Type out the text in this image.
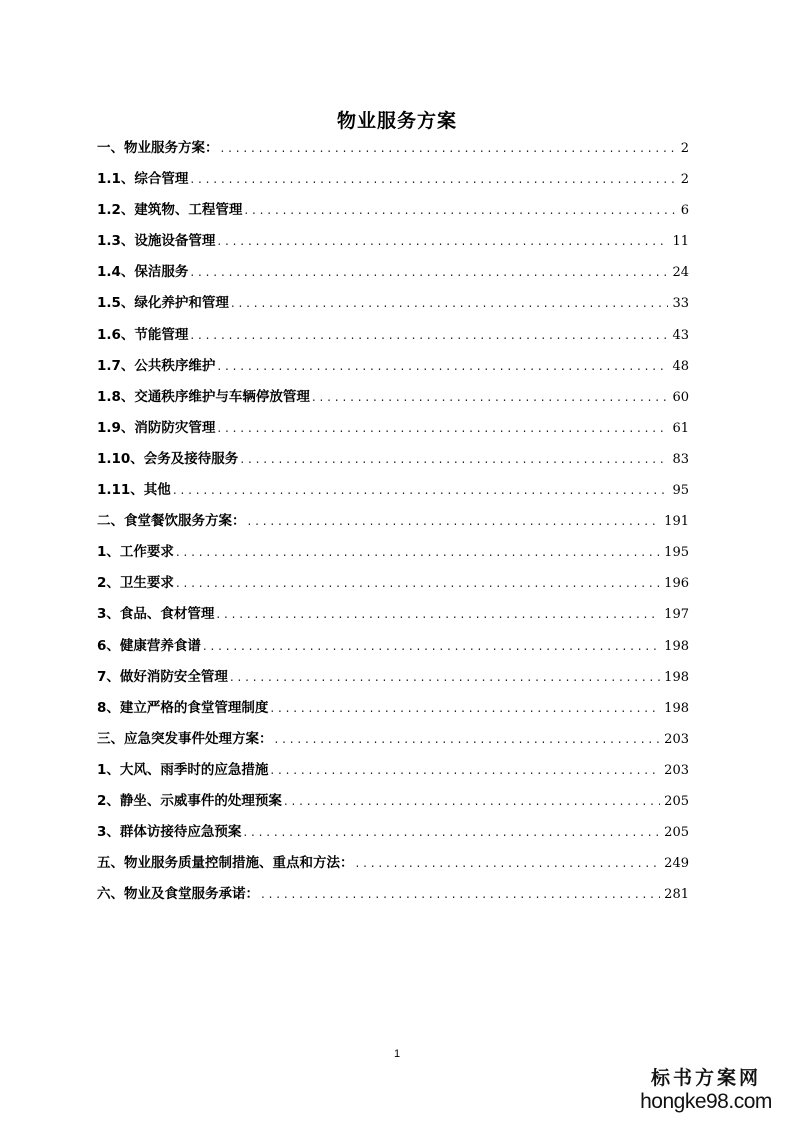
物业服务方案
一、物业服务方案： . . .	2
1.1、综合管理 . . .	2
1.2、建筑物、工程管理 . . .	6
1.3、设施设备管理 . . .	11
1.4、保洁服务 . . .	24
1.5、绿化养护和管理 . . .	33
1.6、节能管理 . . .	43
1.7、公共秩序维护 . . .	48
1.8、交通秩序维护与车辆停放管理 . . .	60
1.9、消防防灾管理 . . .	61
1.10、会务及接待服务 . . .	83
1.11、其他 . . .	95
二、食堂餐饮服务方案： . . .	191
1、工作要求 . . .	195
2、卫生要求 . . .	196
3、食品、食材管理 . . .	197
6、健康营养食谱 . . .	198
7、做好消防安全管理 . . .	198
8、建立严格的食堂管理制度 . . .	198
三、应急突发事件处理方案： . . .	203
1、大风、雨季时的应急措施 . . .	203
2、静坐、示威事件的处理预案 . . .	205
3、群体访接待应急预案 . . .	205
五、物业服务质量控制措施、重点和方法： . . .	249
六、物业及食堂服务承诺： . . .	281
1
标书方案网
hongke98.com
